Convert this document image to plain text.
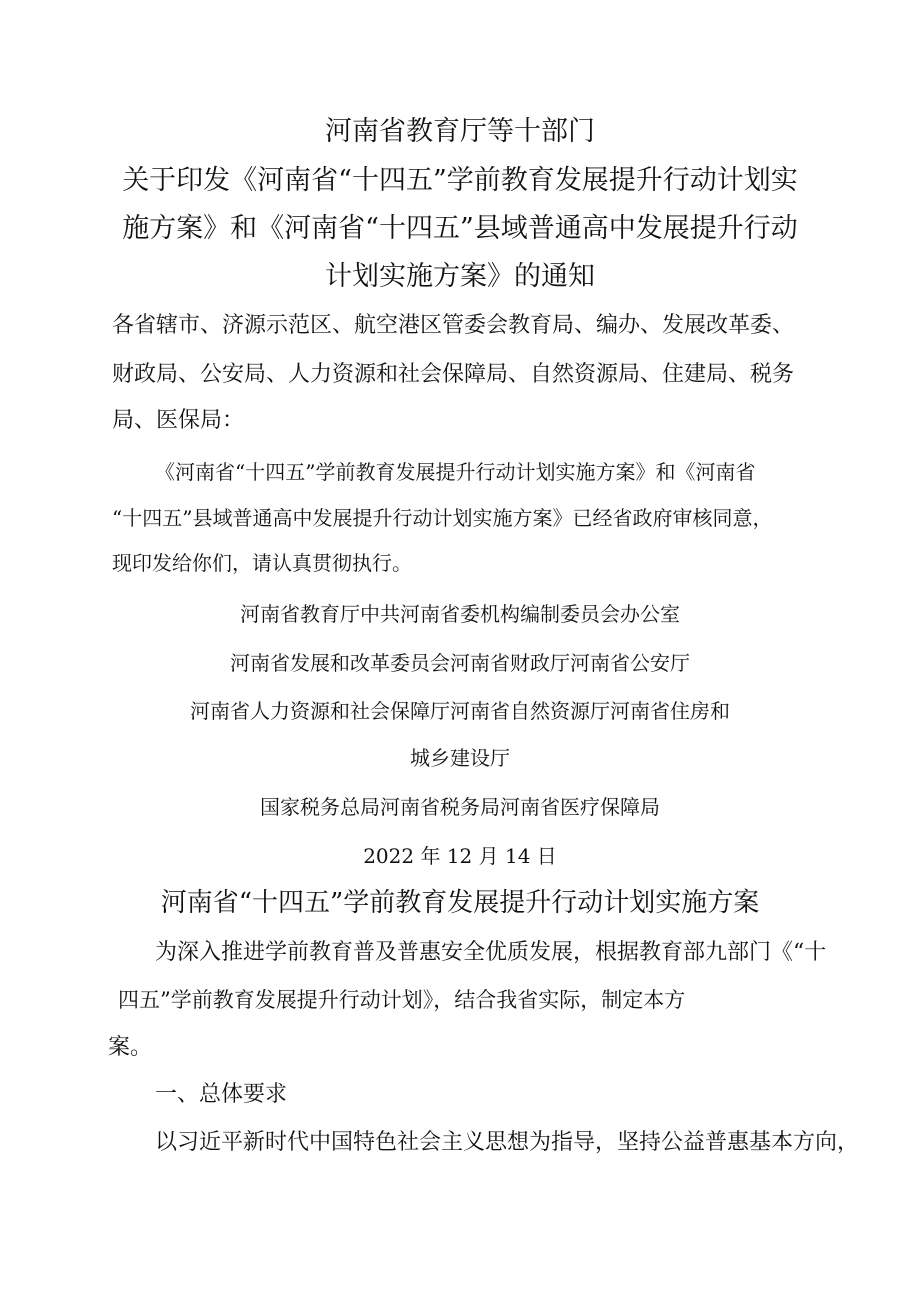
河南省教育厅等十部门
关于印发《河南省“十四五”学前教育发展提升行动计划实
施方案》和《河南省“十四五”县域普通高中发展提升行动
计划实施方案》的通知
各省辖市、济源示范区、航空港区管委会教育局、编办、发展改革委、
财政局、公安局、人力资源和社会保障局、自然资源局、住建局、税务
局、医保局：
《河南省“十四五”学前教育发展提升行动计划实施方案》和《河南省
“十四五”县域普通高中发展提升行动计划实施方案》已经省政府审核同意，
现印发给你们，请认真贯彻执行。
河南省教育厅中共河南省委机构编制委员会办公室
河南省发展和改革委员会河南省财政厅河南省公安厅
河南省人力资源和社会保障厅河南省自然资源厅河南省住房和
城乡建设厅
国家税务总局河南省税务局河南省医疗保障局
2022 年 12 月 14 日
河南省“十四五”学前教育发展提升行动计划实施方案
为深入推进学前教育普及普惠安全优质发展，根据教育部九部门《“十
四五”学前教育发展提升行动计划》，结合我省实际，制定本方
案。
一、总体要求
以习近平新时代中国特色社会主义思想为指导，坚持公益普惠基本方向，
